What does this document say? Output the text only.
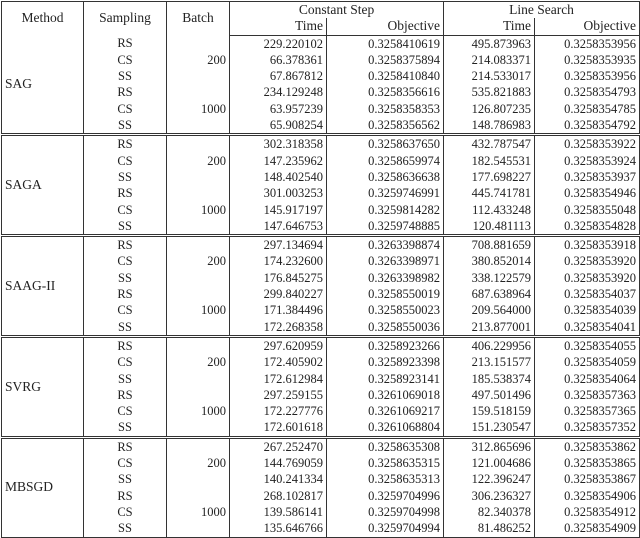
Method	Sampling	Batch	Constant Step		Line Search	
			Time	Objective	Time	Objective
SAG	RS		229.220102	0.3258410619	495.873963	0.3258353956
	CS	200	66.378361	0.3258375894	214.083371	0.3258353935
	SS		67.867812	0.3258410840	214.533017	0.3258353956
	RS		234.129248	0.3258356616	535.821883	0.3258354793
	CS	1000	63.957239	0.3258358353	126.807235	0.3258354785
	SS		65.908254	0.3258356562	148.786983	0.3258354792
SAGA	RS		302.318358	0.3258637650	432.787547	0.3258353922
	CS	200	147.235962	0.3258659974	182.545531	0.3258353924
	SS		148.402540	0.3258636638	177.698227	0.3258353937
	RS		301.003253	0.3259746991	445.741781	0.3258354946
	CS	1000	145.917197	0.3259814282	112.433248	0.3258355048
	SS		147.646753	0.3259748885	120.481113	0.3258354828
SAAG-II	RS		297.134694	0.3263398874	708.881659	0.3258353918
	CS	200	174.232600	0.3263398971	380.852014	0.3258353920
	SS		176.845275	0.3263398982	338.122579	0.3258353920
	RS		299.840227	0.3258550019	687.638964	0.3258354037
	CS	1000	171.384496	0.3258550023	209.564000	0.3258354039
	SS		172.268358	0.3258550036	213.877001	0.3258354041
SVRG	RS		297.620959	0.3258923266	406.229956	0.3258354055
	CS	200	172.405902	0.3258923398	213.151577	0.3258354059
	SS		172.612984	0.3258923141	185.538374	0.3258354064
	RS		297.259155	0.3261069018	497.501496	0.3258357363
	CS	1000	172.227776	0.3261069217	159.518159	0.3258357365
	SS		172.601618	0.3261068804	151.230547	0.3258357352
MBSGD	RS		267.252470	0.3258635308	312.865696	0.3258353862
	CS	200	144.769059	0.3258635315	121.004686	0.3258353865
	SS		140.241334	0.3258635313	122.396247	0.3258353867
	RS		268.102817	0.3259704996	306.236327	0.3258354906
	CS	1000	139.586141	0.3259704998	82.340378	0.3258354912
	SS		135.646766	0.3259704994	81.486252	0.3258354909
